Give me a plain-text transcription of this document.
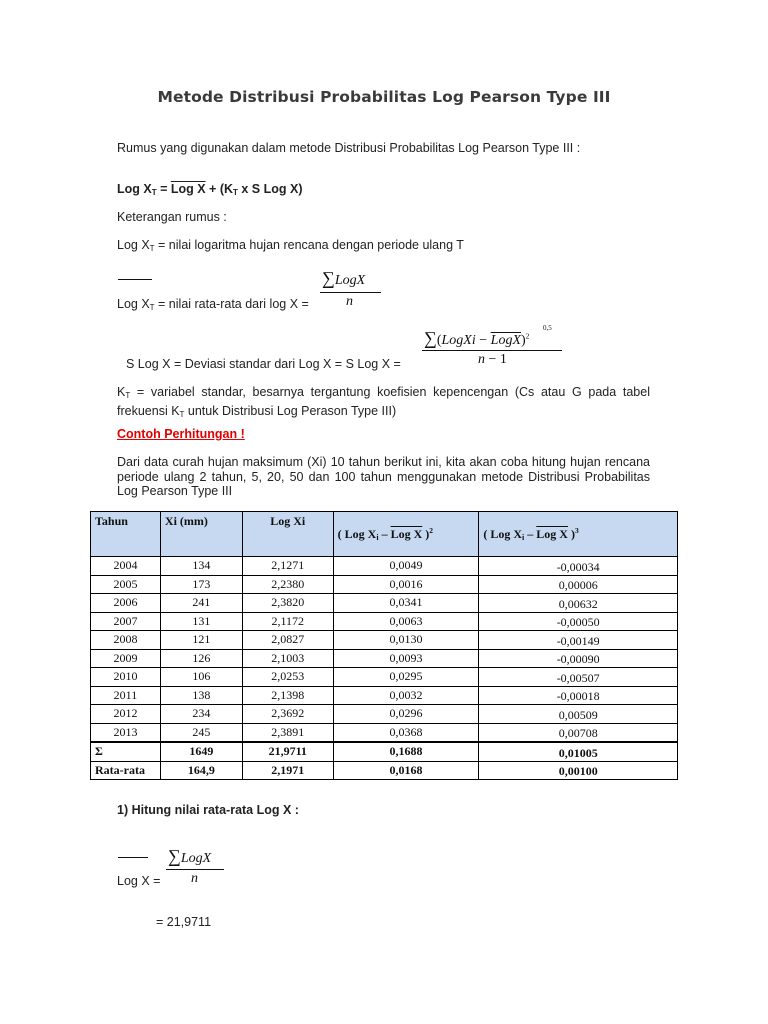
Metode Distribusi Probabilitas Log Pearson Type III
Rumus yang digunakan dalam metode Distribusi Probabilitas Log Pearson Type III :
Log $X_T$ = Log $X + (K_T$ x S Log X)
Keterangan rumus :
Log $X_T$ = nilai logaritma hujan rencana dengan periode ulang T
∑LogX
n
Log $X_T$ = nilai rata-rata dari log X =
∑(LogXi − LogX)$^2$
0,5
n − 1
S Log X = Deviasi standar dari Log X = S Log X =
$K_T$ = variabel standar, besarnya tergantung koefisien kepencengan (Cs atau G pada tabel frekuensi $K_T$ untuk Distribusi Log Perason Type III)
Contoh Perhitungan !
Dari data curah hujan maksimum (Xi) 10 tahun berikut ini, kita akan coba hitung hujan rencana periode ulang 2 tahun, 5, 20, 50 dan 100 tahun menggunakan metode Distribusi Probabilitas Log Pearson Type III
Tahun	Xi (mm)	Log Xi	( Log $X_i$ – Log X )$^2$	( Log $X_i$ – Log X )$^3$
2004	134	2,1271	0,0049	-0,00034
2005	173	2,2380	0,0016	0,00006
2006	241	2,3820	0,0341	0,00632
2007	131	2,1172	0,0063	-0,00050
2008	121	2,0827	0,0130	-0,00149
2009	126	2,1003	0,0093	-0,00090
2010	106	2,0253	0,0295	-0,00507
2011	138	2,1398	0,0032	-0,00018
2012	234	2,3692	0,0296	0,00509
2013	245	2,3891	0,0368	0,00708
Σ	1649	21,9711	0,1688	0,01005
Rata-rata	164,9	2,1971	0,0168	0,00100
1) Hitung nilai rata-rata Log X :
∑LogX
n
Log X =
= 21,9711
